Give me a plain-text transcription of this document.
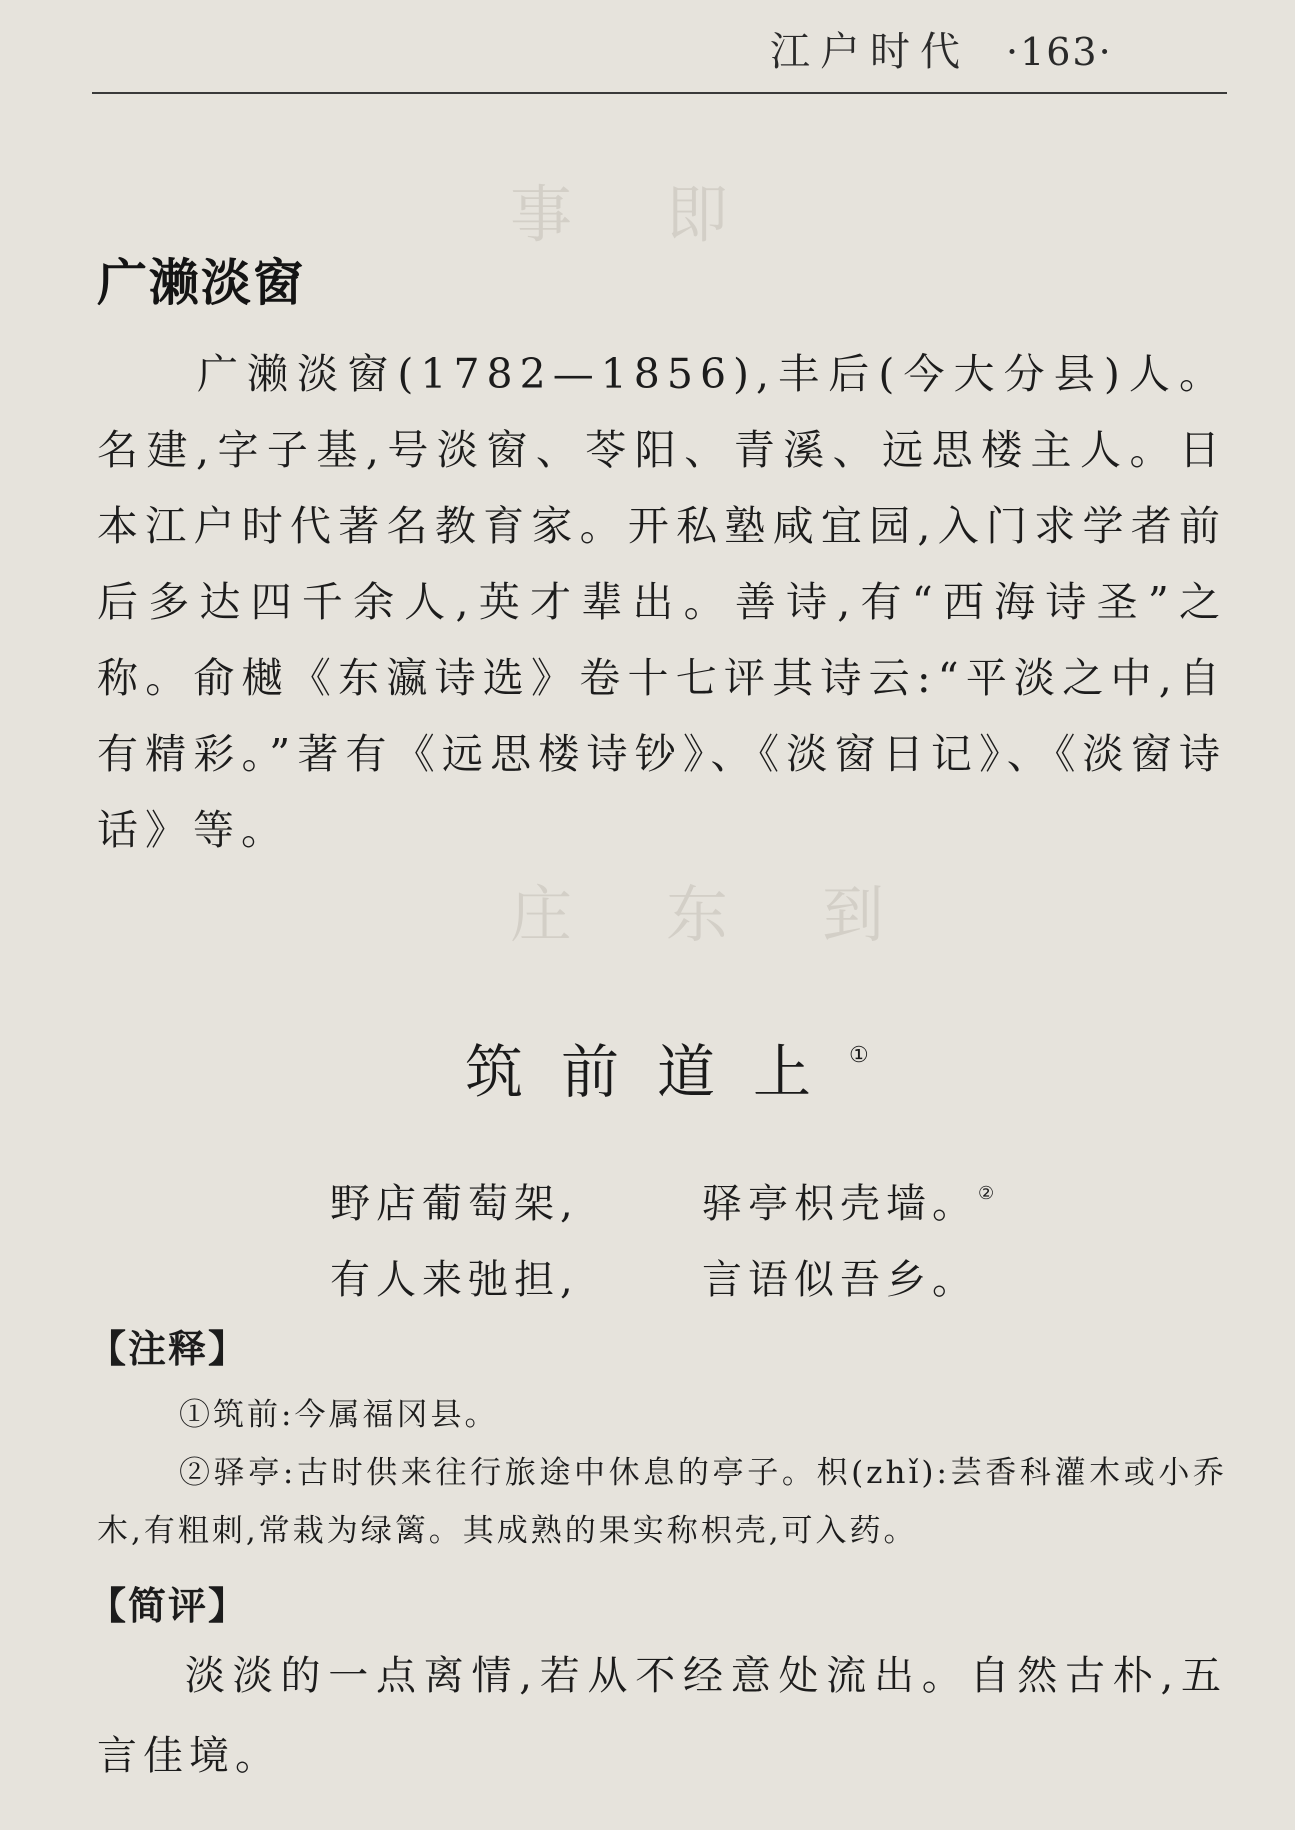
事　即
庄　东　到
江户时代 ·163·
广濑淡窗

广濑淡窗(1782—1856),丰后(今大分县)人。名建,字子基,号淡窗、苓阳、青溪、远思楼主人。日本江户时代著名教育家。开私塾咸宜园,入门求学者前后多达四千余人,英才辈出。善诗,有“西海诗圣”之称。俞樾《东瀛诗选》卷十七评其诗云:“平淡之中,自有精彩。”著有《远思楼诗钞》、《淡窗日记》、《淡窗诗话》等。

筑前道上①
野店葡萄架,	驿亭枳壳墙。②
有人来弛担,	言语似吾乡。
【注释】

①筑前:今属福冈县。

②驿亭:古时供来往行旅途中休息的亭子。枳(zhǐ):芸香科灌木或小乔木,有粗刺,常栽为绿篱。其成熟的果实称枳壳,可入药。

【简评】

淡淡的一点离情,若从不经意处流出。自然古朴,五言佳境。
